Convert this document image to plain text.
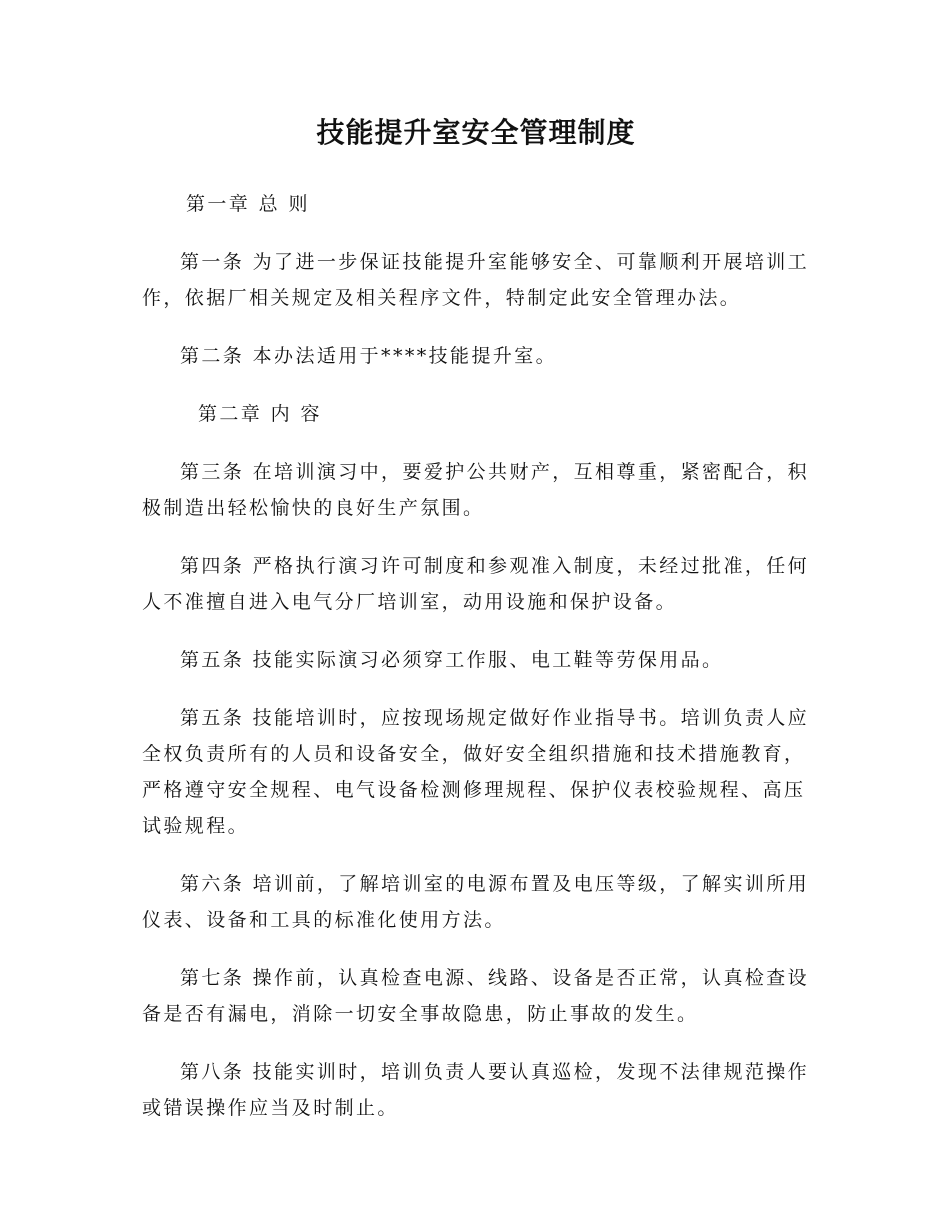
技能提升室安全管理制度

第一章 总 则

第一条 为了进一步保证技能提升室能够安全、可靠顺利开展培训工作，依据厂相关规定及相关程序文件，特制定此安全管理办法。

第二条 本办法适用于****技能提升室。

第二章 内 容

第三条 在培训演习中，要爱护公共财产，互相尊重，紧密配合，积极制造出轻松愉快的良好生产氛围。

第四条 严格执行演习许可制度和参观准入制度，未经过批准，任何人不准擅自进入电气分厂培训室，动用设施和保护设备。

第五条 技能实际演习必须穿工作服、电工鞋等劳保用品。

第五条 技能培训时，应按现场规定做好作业指导书。培训负责人应全权负责所有的人员和设备安全，做好安全组织措施和技术措施教育，严格遵守安全规程、电气设备检测修理规程、保护仪表校验规程、高压试验规程。

第六条 培训前，了解培训室的电源布置及电压等级，了解实训所用仪表、设备和工具的标准化使用方法。

第七条 操作前，认真检查电源、线路、设备是否正常，认真检查设备是否有漏电，消除一切安全事故隐患，防止事故的发生。

第八条 技能实训时，培训负责人要认真巡检，发现不法律规范操作或错误操作应当及时制止。
